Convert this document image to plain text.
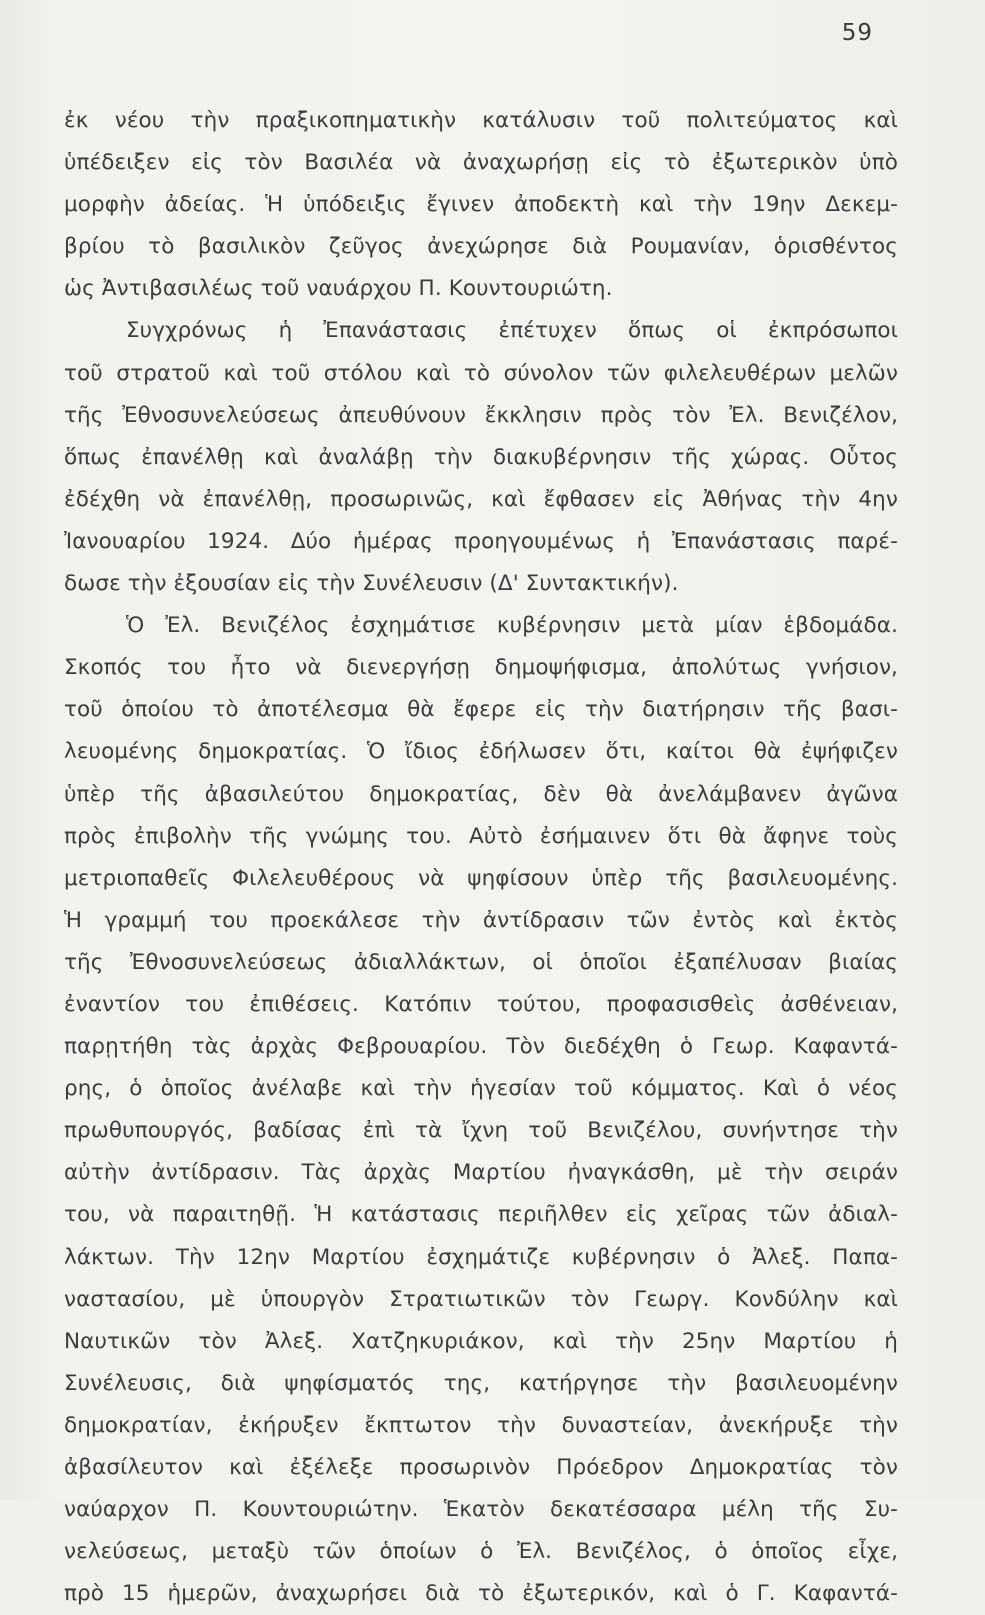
59
ἐκ νέου τὴν πραξικοπηματικὴν κατάλυσιν τοῦ πολιτεύματος καὶ
ὑπέδειξεν εἰς τὸν Βασιλέα νὰ ἀναχωρήσῃ εἰς τὸ ἐξωτερικὸν ὑπὸ
μορφὴν ἀδείας. Ἡ ὑπόδειξις ἔγινεν ἀποδεκτὴ καὶ τὴν 19ην Δεκεμ-
βρίου τὸ βασιλικὸν ζεῦγος ἀνεχώρησε διὰ Ρουμανίαν, ὁρισθέντος
ὡς Ἀντιβασιλέως τοῦ ναυάρχου Π. Κουντουριώτη.
Συγχρόνως ἡ Ἐπανάστασις ἐπέτυχεν ὅπως οἱ ἐκπρόσωποι
τοῦ στρατοῦ καὶ τοῦ στόλου καὶ τὸ σύνολον τῶν φιλελευθέρων μελῶν
τῆς Ἐθνοσυνελεύσεως ἀπευθύνουν ἔκκλησιν πρὸς τὸν Ἐλ. Βενιζέλον,
ὅπως ἐπανέλθῃ καὶ ἀναλάβῃ τὴν διακυβέρνησιν τῆς χώρας. Οὗτος
ἐδέχθη νὰ ἐπανέλθῃ, προσωρινῶς, καὶ ἔφθασεν εἰς Ἀθήνας τὴν 4ην
Ἰανουαρίου 1924. Δύο ἡμέρας προηγουμένως ἡ Ἐπανάστασις παρέ-
δωσε τὴν ἐξουσίαν εἰς τὴν Συνέλευσιν (Δ' Συντακτικήν).
Ὁ Ἐλ. Βενιζέλος ἐσχημάτισε κυβέρνησιν μετὰ μίαν ἑβδομάδα.
Σκοπός του ἦτο νὰ διενεργήσῃ δημοψήφισμα, ἀπολύτως γνήσιον,
τοῦ ὁποίου τὸ ἀποτέλεσμα θὰ ἔφερε εἰς τὴν διατήρησιν τῆς βασι-
λευομένης δημοκρατίας. Ὁ ἴδιος ἐδήλωσεν ὅτι, καίτοι θὰ ἐψήφιζεν
ὑπὲρ τῆς ἀβασιλεύτου δημοκρατίας, δὲν θὰ ἀνελάμβανεν ἀγῶνα
πρὸς ἐπιβολὴν τῆς γνώμης του. Αὐτὸ ἐσήμαινεν ὅτι θὰ ἄφηνε τοὺς
μετριοπαθεῖς Φιλελευθέρους νὰ ψηφίσουν ὑπὲρ τῆς βασιλευομένης.
Ἡ γραμμή του προεκάλεσε τὴν ἀντίδρασιν τῶν ἐντὸς καὶ ἐκτὸς
τῆς Ἐθνοσυνελεύσεως ἀδιαλλάκτων, οἱ ὁποῖοι ἐξαπέλυσαν βιαίας
ἐναντίον του ἐπιθέσεις. Κατόπιν τούτου, προφασισθεὶς ἀσθένειαν,
παρῃτήθη τὰς ἀρχὰς Φεβρουαρίου. Τὸν διεδέχθη ὁ Γεωρ. Καφαντά-
ρης, ὁ ὁποῖος ἀνέλαβε καὶ τὴν ἡγεσίαν τοῦ κόμματος. Καὶ ὁ νέος
πρωθυπουργός, βαδίσας ἐπὶ τὰ ἴχνη τοῦ Βενιζέλου, συνήντησε τὴν
αὐτὴν ἀντίδρασιν. Τὰς ἀρχὰς Μαρτίου ἠναγκάσθη, μὲ τὴν σειράν
του, νὰ παραιτηθῇ. Ἡ κατάστασις περιῆλθεν εἰς χεῖρας τῶν ἀδιαλ-
λάκτων. Τὴν 12ην Μαρτίου ἐσχημάτιζε κυβέρνησιν ὁ Ἀλεξ. Παπα-
ναστασίου, μὲ ὑπουργὸν Στρατιωτικῶν τὸν Γεωργ. Κονδύλην καὶ
Ναυτικῶν τὸν Ἀλεξ. Χατζηκυριάκον, καὶ τὴν 25ην Μαρτίου ἡ
Συνέλευσις, διὰ ψηφίσματός της, κατήργησε τὴν βασιλευομένην
δημοκρατίαν, ἐκήρυξεν ἔκπτωτον τὴν δυναστείαν, ἀνεκήρυξε τὴν
ἀβασίλευτον καὶ ἐξέλεξε προσωρινὸν Πρόεδρον Δημοκρατίας τὸν
ναύαρχον Π. Κουντουριώτην. Ἑκατὸν δεκατέσσαρα μέλη τῆς Συ-
νελεύσεως, μεταξὺ τῶν ὁποίων ὁ Ἐλ. Βενιζέλος, ὁ ὁποῖος εἶχε,
πρὸ 15 ἡμερῶν, ἀναχωρήσει διὰ τὸ ἐξωτερικόν, καὶ ὁ Γ. Καφαντά-
